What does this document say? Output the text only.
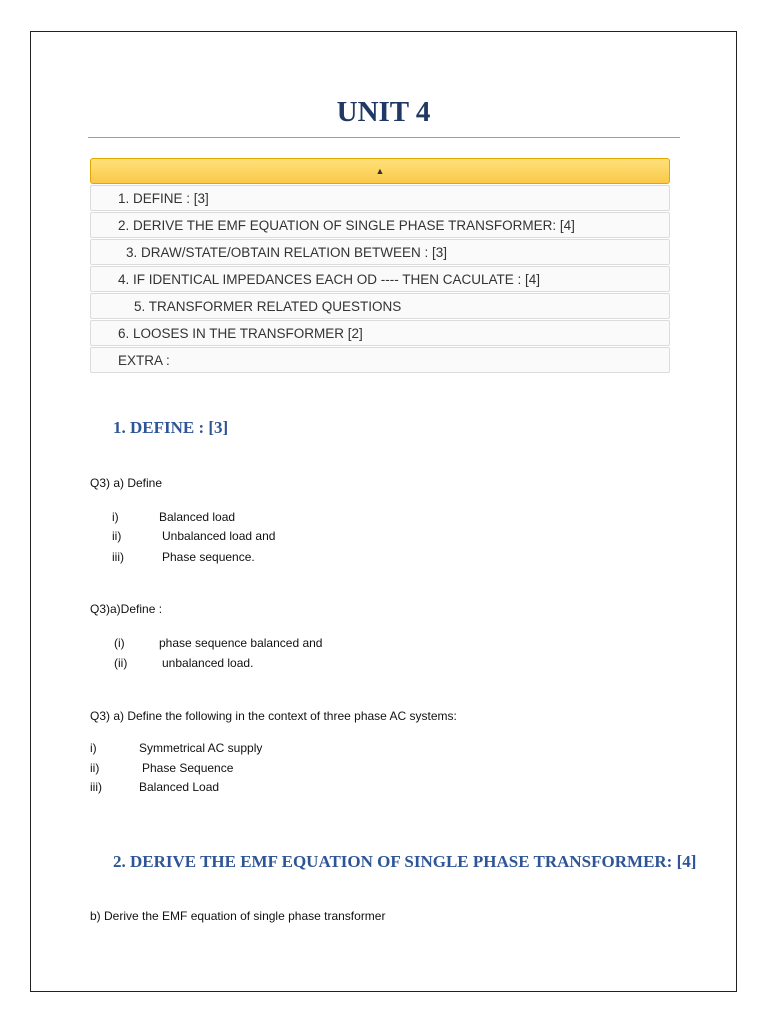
UNIT 4
▲
1. DEFINE : [3]
2. DERIVE THE EMF EQUATION OF SINGLE PHASE TRANSFORMER: [4]
3. DRAW/STATE/OBTAIN RELATION BETWEEN : [3]
4. IF IDENTICAL IMPEDANCES EACH OD ---- THEN CACULATE : [4]
5. TRANSFORMER RELATED QUESTIONS
6. LOOSES IN THE TRANSFORMER [2]
EXTRA :
1. DEFINE : [3]

Q3) a) Define

i)	Balanced load
ii)	Unbalanced load and
iii)	Phase sequence.

Q3)a)Define :

(i)	phase sequence balanced and
(ii)	unbalanced load.

Q3) a) Define the following in the context of three phase AC systems:

i)	Symmetrical AC supply
ii)	Phase Sequence
iii)	Balanced Load
2. DERIVE THE EMF EQUATION OF SINGLE PHASE TRANSFORMER: [4]

b) Derive the EMF equation of single phase transformer
